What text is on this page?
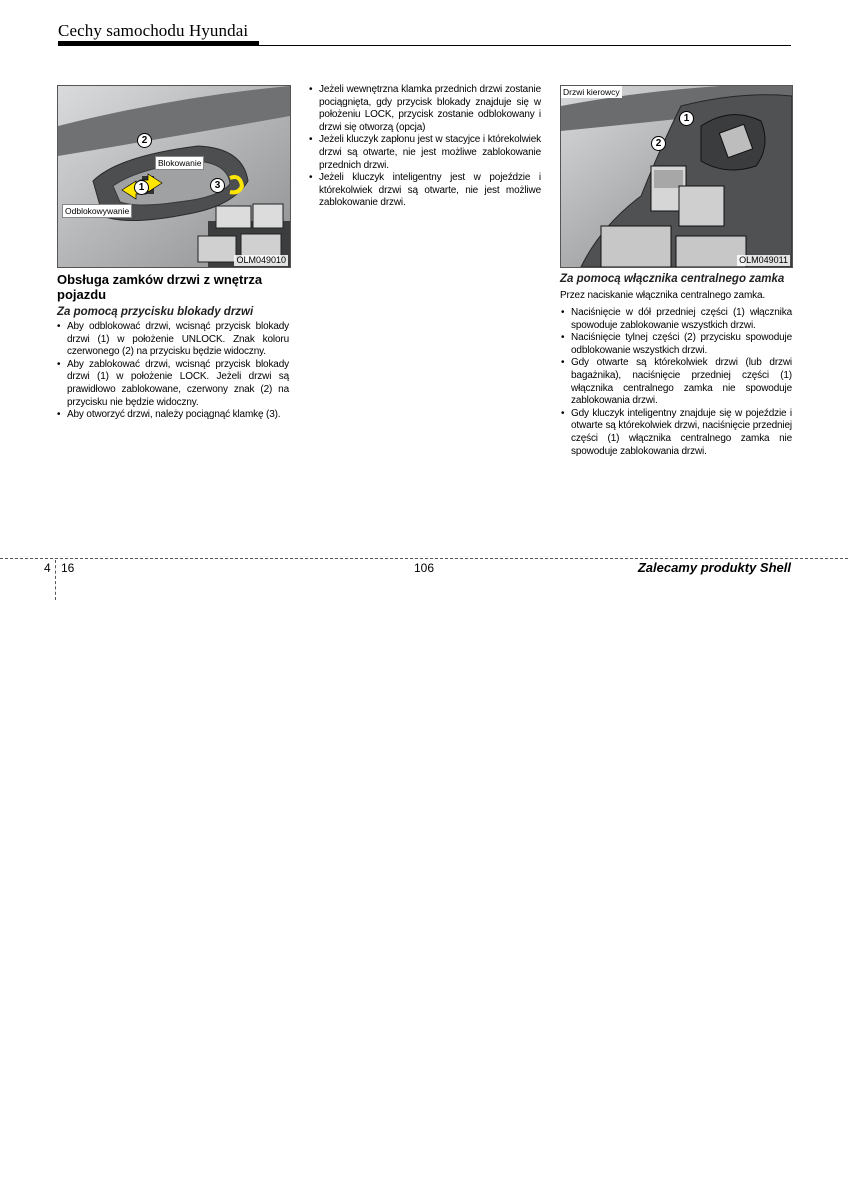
Cechy samochodu Hyundai
Blokowanie
Odblokowywanie
1
2
3
OLM049010
Drzwi kierowcy
1
2
OLM049011
Obsługa zamków drzwi z wnętrza pojazdu
Za pomocą przycisku blokady drzwi
• Aby odblokować drzwi, wcisnąć przycisk blokady drzwi (1) w położenie UNLOCK. Znak koloru czerwonego (2) na przycisku będzie widoczny.
• Aby zablokować drzwi, wcisnąć przycisk blokady drzwi (1) w położenie LOCK. Jeżeli drzwi są prawidłowo zablokowane, czerwony znak (2) na przycisku nie będzie widoczny.
• Aby otworzyć drzwi, należy pociągnąć klamkę (3).
• Jeżeli wewnętrzna klamka przednich drzwi zostanie pociągnięta, gdy przycisk blokady znajduje się w położeniu LOCK, przycisk zostanie odblokowany i drzwi się otworzą (opcja)
• Jeżeli kluczyk zapłonu jest w stacyjce i którekolwiek drzwi są otwarte, nie jest możliwe zablokowanie przednich drzwi.
• Jeżeli kluczyk inteligentny jest w pojeździe i którekolwiek drzwi są otwarte, nie jest możliwe zablokowanie drzwi.
Za pomocą włącznika centralnego zamka
Przez naciskanie włącznika centralnego zamka.
• Naciśnięcie w dół przedniej części (1) włącznika spowoduje zablokowanie wszystkich drzwi.
• Naciśnięcie tylnej części (2) przycisku spowoduje odblokowanie wszystkich drzwi.
• Gdy otwarte są którekolwiek drzwi (lub drzwi bagażnika), naciśnięcie przedniej części (1) włącznika centralnego zamka nie spowoduje zablokowania drzwi.
• Gdy kluczyk inteligentny znajduje się w pojeździe i otwarte są którekolwiek drzwi, naciśnięcie przedniej części (1) włącznika centralnego zamka nie spowoduje zablokowania drzwi.
4 16	106	Zalecamy produkty Shell
